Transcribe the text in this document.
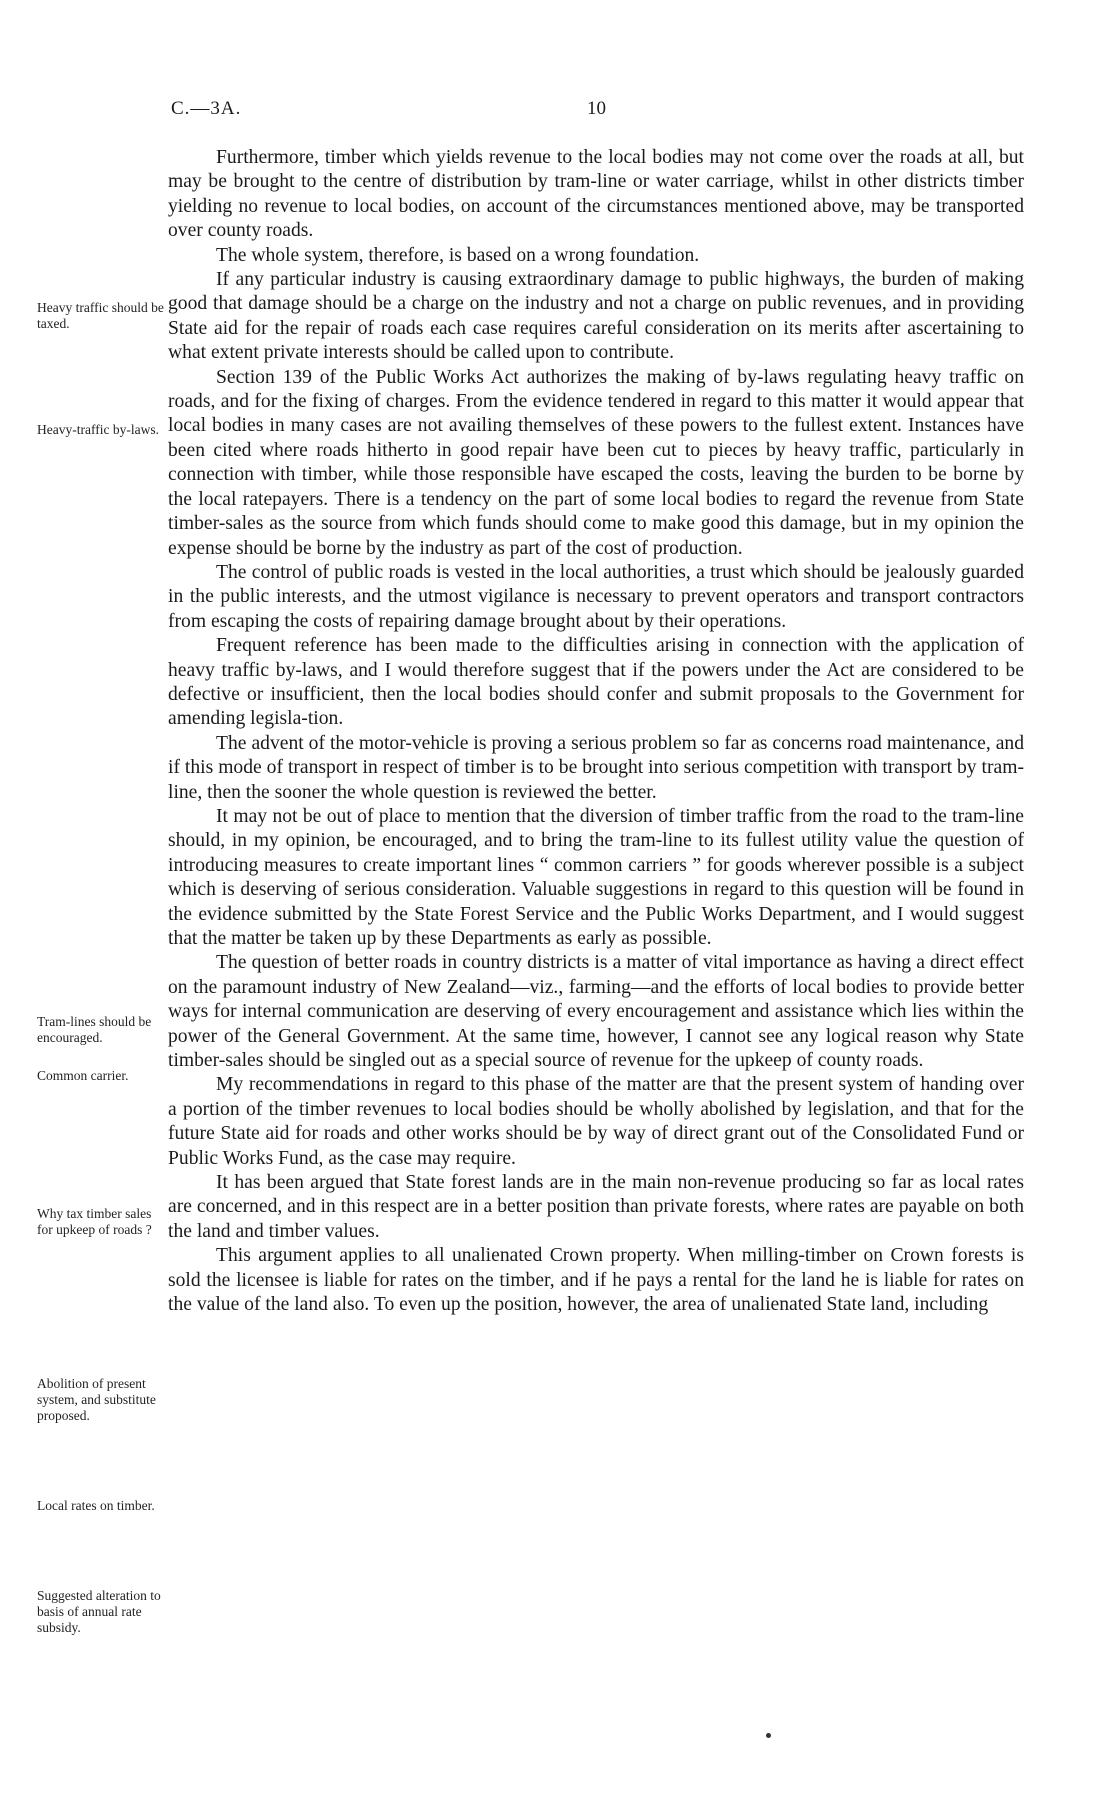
C.—3A.	10
Heavy traffic should be taxed.
Heavy-traffic by-laws.
Tram-lines should be encouraged.
Common carrier.
Why tax timber sales for upkeep of roads ?
Abolition of present system, and substitute proposed.
Local rates on timber.
Suggested alteration to basis of annual rate subsidy.

Furthermore, timber which yields revenue to the local bodies may not come over the roads at all, but may be brought to the centre of distribution by tram-line or water carriage, whilst in other districts timber yielding no revenue to local bodies, on account of the circumstances mentioned above, may be transported over county roads.

The whole system, therefore, is based on a wrong foundation.

If any particular industry is causing extraordinary damage to public highways, the burden of making good that damage should be a charge on the industry and not a charge on public revenues, and in providing State aid for the repair of roads each case requires careful consideration on its merits after ascertaining to what extent private interests should be called upon to contribute.

Section 139 of the Public Works Act authorizes the making of by-laws regulating heavy traffic on roads, and for the fixing of charges. From the evidence tendered in regard to this matter it would appear that local bodies in many cases are not availing themselves of these powers to the fullest extent. Instances have been cited where roads hitherto in good repair have been cut to pieces by heavy traffic, particularly in connection with timber, while those responsible have escaped the costs, leaving the burden to be borne by the local ratepayers. There is a tendency on the part of some local bodies to regard the revenue from State timber-sales as the source from which funds should come to make good this damage, but in my opinion the expense should be borne by the industry as part of the cost of production.

The control of public roads is vested in the local authorities, a trust which should be jealously guarded in the public interests, and the utmost vigilance is necessary to prevent operators and transport contractors from escaping the costs of repairing damage brought about by their operations.

Frequent reference has been made to the difficulties arising in connection with the application of heavy traffic by-laws, and I would therefore suggest that if the powers under the Act are considered to be defective or insufficient, then the local bodies should confer and submit proposals to the Government for amending legisla-tion.

The advent of the motor-vehicle is proving a serious problem so far as concerns road maintenance, and if this mode of transport in respect of timber is to be brought into serious competition with transport by tram-line, then the sooner the whole question is reviewed the better.

It may not be out of place to mention that the diversion of timber traffic from the road to the tram-line should, in my opinion, be encouraged, and to bring the tram-line to its fullest utility value the question of introducing measures to create important lines “ common carriers ” for goods wherever possible is a subject which is deserving of serious consideration. Valuable suggestions in regard to this question will be found in the evidence submitted by the State Forest Service and the Public Works Department, and I would suggest that the matter be taken up by these Departments as early as possible.

The question of better roads in country districts is a matter of vital importance as having a direct effect on the paramount industry of New Zealand—viz., farming—and the efforts of local bodies to provide better ways for internal communication are deserving of every encouragement and assistance which lies within the power of the General Government. At the same time, however, I cannot see any logical reason why State timber-sales should be singled out as a special source of revenue for the upkeep of county roads.

My recommendations in regard to this phase of the matter are that the present system of handing over a portion of the timber revenues to local bodies should be wholly abolished by legislation, and that for the future State aid for roads and other works should be by way of direct grant out of the Consolidated Fund or Public Works Fund, as the case may require.

It has been argued that State forest lands are in the main non-revenue producing so far as local rates are concerned, and in this respect are in a better position than private forests, where rates are payable on both the land and timber values.

This argument applies to all unalienated Crown property. When milling-timber on Crown forests is sold the licensee is liable for rates on the timber, and if he pays a rental for the land he is liable for rates on the value of the land also. To even up the position, however, the area of unalienated State land, including
